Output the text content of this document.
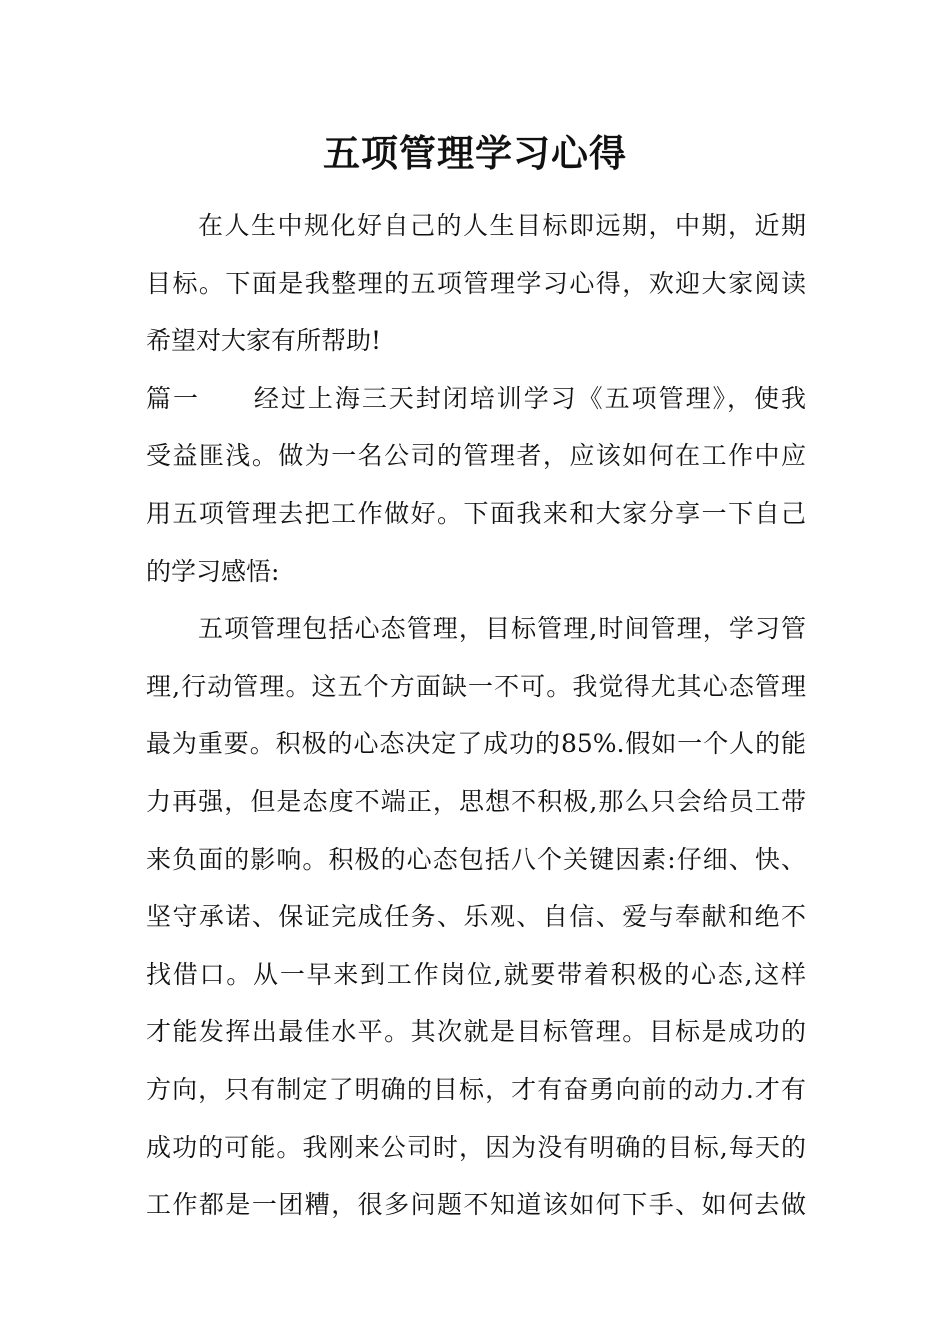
五项管理学习心得
在人生中规化好自己的人生目标即远期，中期，近期
目标。下面是我整理的五项管理学习心得，欢迎大家阅读
希望对大家有所帮助!
篇一　　经过上海三天封闭培训学习《五项管理》，使我
受益匪浅。做为一名公司的管理者，应该如何在工作中应
用五项管理去把工作做好。下面我来和大家分享一下自己
的学习感悟:
五项管理包括心态管理，目标管理,时间管理，学习管
理,行动管理。这五个方面缺一不可。我觉得尤其心态管理
最为重要。积极的心态决定了成功的85%.假如一个人的能
力再强，但是态度不端正，思想不积极,那么只会给员工带
来负面的影响。积极的心态包括八个关键因素:仔细、快、
坚守承诺、保证完成任务、乐观、自信、爱与奉献和绝不
找借口。从一早来到工作岗位,就要带着积极的心态,这样
才能发挥出最佳水平。其次就是目标管理。目标是成功的
方向，只有制定了明确的目标，才有奋勇向前的动力.才有
成功的可能。我刚来公司时，因为没有明确的目标,每天的
工作都是一团糟，很多问题不知道该如何下手、如何去做
